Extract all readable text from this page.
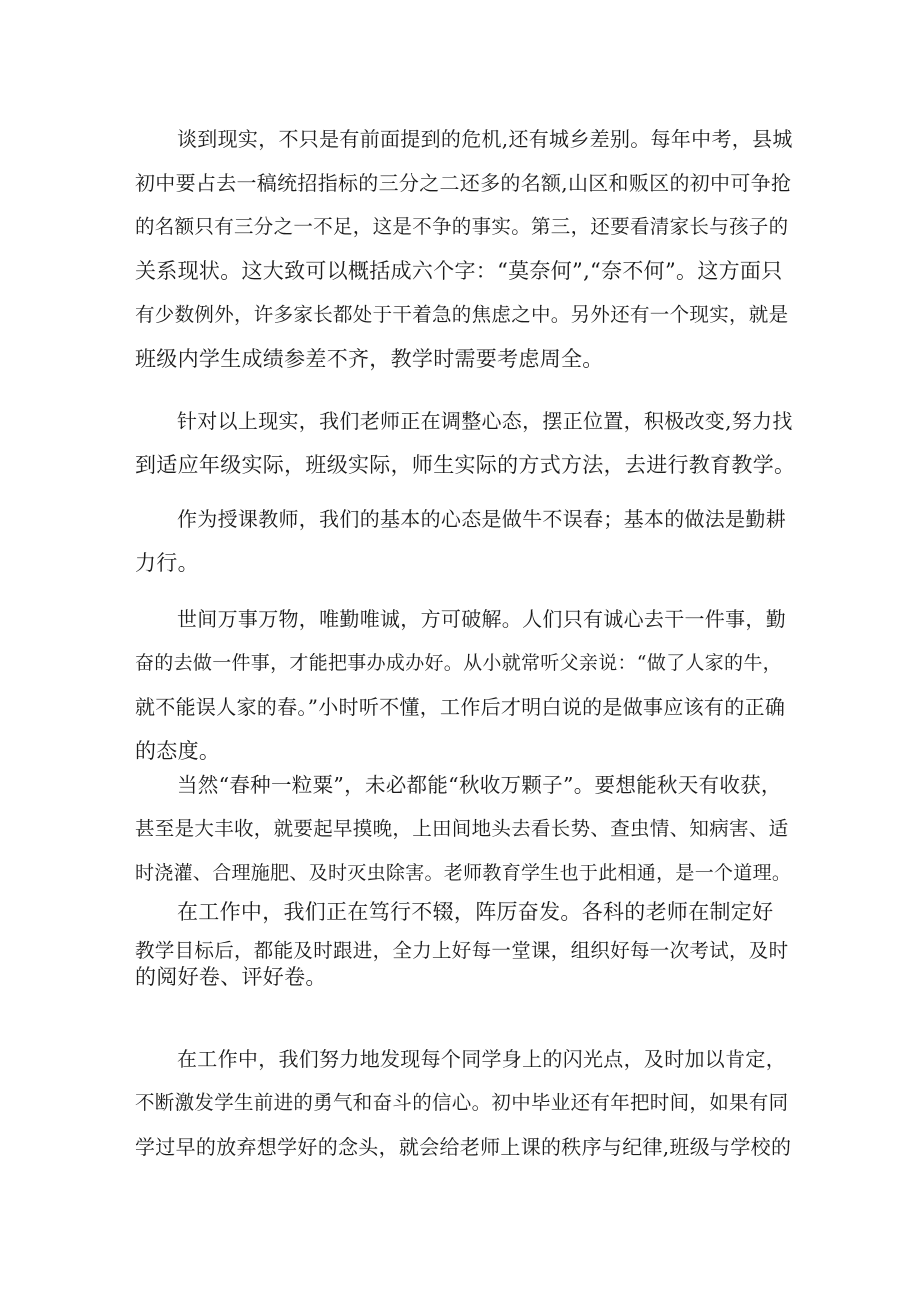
谈到现实，不只是有前面提到的危机,还有城乡差别。每年中考，县城
初中要占去一稿统招指标的三分之二还多的名额,山区和贩区的初中可争抢
的名额只有三分之一不足，这是不争的事实。第三，还要看清家长与孩子的
关系现状。这大致可以概括成六个字：“莫奈何”,“奈不何”。这方面只
有少数例外，许多家长都处于干着急的焦虑之中。另外还有一个现实，就是
班级内学生成绩参差不齐，教学时需要考虑周全。
针对以上现实，我们老师正在调整心态，摆正位置，积极改变,努力找
到适应年级实际，班级实际，师生实际的方式方法，去进行教育教学。
作为授课教师，我们的基本的心态是做牛不误春；基本的做法是勤耕
力行。
世间万事万物，唯勤唯诚，方可破解。人们只有诚心去干一件事，勤
奋的去做一件事，才能把事办成办好。从小就常听父亲说：“做了人家的牛，
就不能误人家的春。”小时听不懂，工作后才明白说的是做事应该有的正确
的态度。
当然“春种一粒粟”，未必都能“秋收万颗子”。要想能秋天有收获，
甚至是大丰收，就要起早摸晚，上田间地头去看长势、查虫情、知病害、适
时浇灌、合理施肥、及时灭虫除害。老师教育学生也于此相通，是一个道理。
在工作中，我们正在笃行不辍，阵厉奋发。各科的老师在制定好
教学目标后，都能及时跟进，全力上好每一堂课，组织好每一次考试，及时
的阅好卷、评好卷。
在工作中，我们努力地发现每个同学身上的闪光点，及时加以肯定，
不断激发学生前进的勇气和奋斗的信心。初中毕业还有年把时间，如果有同
学过早的放弃想学好的念头，就会给老师上课的秩序与纪律,班级与学校的
